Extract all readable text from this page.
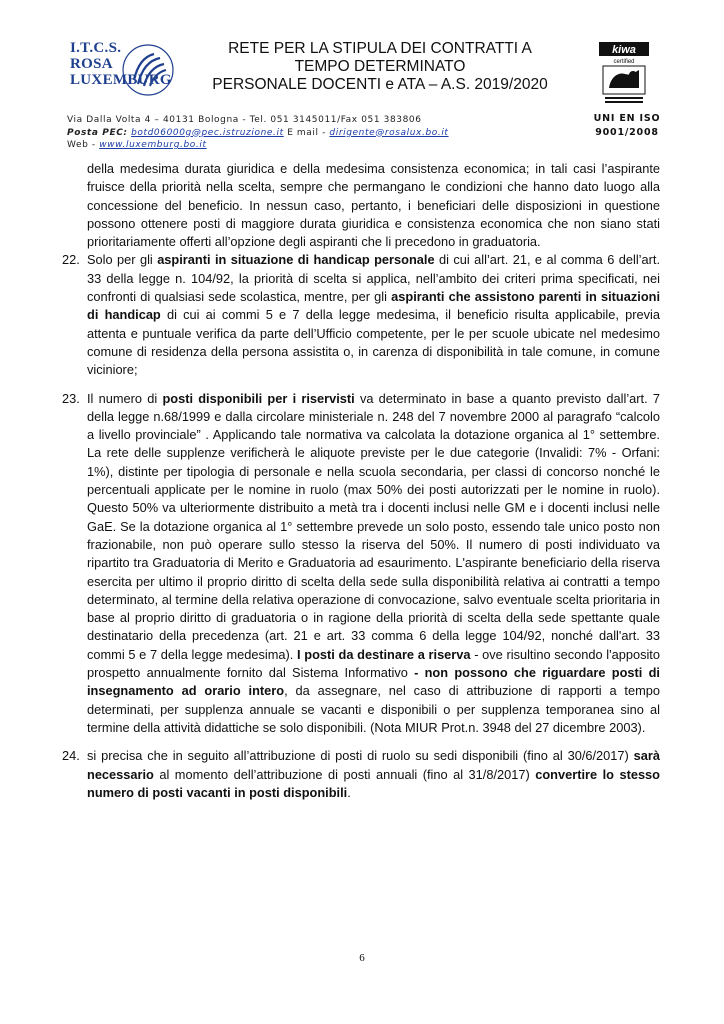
I.T.C.S.
ROSA
LUXEMBURG
RETE PER LA STIPULA DEI CONTRATTI A
TEMPO DETERMINATO
PERSONALE DOCENTI e ATA – A.S. 2019/2020
kiwa
certified
UNI EN ISO
9001/2008
Via Dalla Volta 4 – 40131 Bologna - Tel. 051 3145011/Fax 051 383806
Posta PEC: botd06000g@pec.istruzione.it E mail - dirigente@rosalux.bo.it
Web - www.luxemburg.bo.it

della medesima durata giuridica e della medesima consistenza economica; in tali casi l’aspirante fruisce della priorità nella scelta, sempre che permangano le condizioni che hanno dato luogo alla concessione del beneficio. In nessun caso, pertanto, i beneficiari delle disposizioni in questione possono ottenere posti di maggiore durata giuridica e consistenza economica che non siano stati prioritariamente offerti all’opzione degli aspiranti che li precedono in graduatoria.

22. Solo per gli aspiranti in situazione di handicap personale di cui all’art. 21, e al comma 6 dell’art. 33 della legge n. 104/92, la priorità di scelta si applica, nell’ambito dei criteri prima specificati, nei confronti di qualsiasi sede scolastica, mentre, per gli aspiranti che assistono parenti in situazioni di handicap di cui ai commi 5 e 7 della legge medesima, il beneficio risulta applicabile, previa attenta e puntuale verifica da parte dell’Ufficio competente, per le per scuole ubicate nel medesimo comune di residenza della persona assistita o, in carenza di disponibilità in tale comune, in comune viciniore;

23. Il numero di posti disponibili per i riservisti va determinato in base a quanto previsto dall’art. 7 della legge n.68/1999 e dalla circolare ministeriale n. 248 del 7 novembre 2000 al paragrafo “calcolo a livello provinciale” . Applicando tale normativa va calcolata la dotazione organica al 1° settembre. La rete delle supplenze verificherà le aliquote previste per le due categorie (Invalidi: 7% - Orfani: 1%), distinte per tipologia di personale e nella scuola secondaria, per classi di concorso nonché le percentuali applicate per le nomine in ruolo (max 50% dei posti autorizzati per le nomine in ruolo). Questo 50% va ulteriormente distribuito a metà tra i docenti inclusi nelle GM e i docenti inclusi nelle GaE. Se la dotazione organica al 1° settembre prevede un solo posto, essendo tale unico posto non frazionabile, non può operare sullo stesso la riserva del 50%. Il numero di posti individuato va ripartito tra Graduatoria di Merito e Graduatoria ad esaurimento. L'aspirante beneficiario della riserva esercita per ultimo il proprio diritto di scelta della sede sulla disponibilità relativa ai contratti a tempo determinato, al termine della relativa operazione di convocazione, salvo eventuale scelta prioritaria in base al proprio diritto di graduatoria o in ragione della priorità di scelta della sede spettante quale destinatario della precedenza (art. 21 e art. 33 comma 6 della legge 104/92, nonché dall'art. 33 commi 5 e 7 della legge medesima). I posti da destinare a riserva - ove risultino secondo l'apposito prospetto annualmente fornito dal Sistema Informativo - non possono che riguardare posti di insegnamento ad orario intero, da assegnare, nel caso di attribuzione di rapporti a tempo determinati, per supplenza annuale se vacanti e disponibili o per supplenza temporanea sino al termine della attività didattiche se solo disponibili. (Nota MIUR Prot.n. 3948 del 27 dicembre 2003).

24. si precisa che in seguito all’attribuzione di posti di ruolo su sedi disponibili (fino al 30/6/2017) sarà necessario al momento dell’attribuzione di posti annuali (fino al 31/8/2017) convertire lo stesso numero di posti vacanti in posti disponibili.

6
